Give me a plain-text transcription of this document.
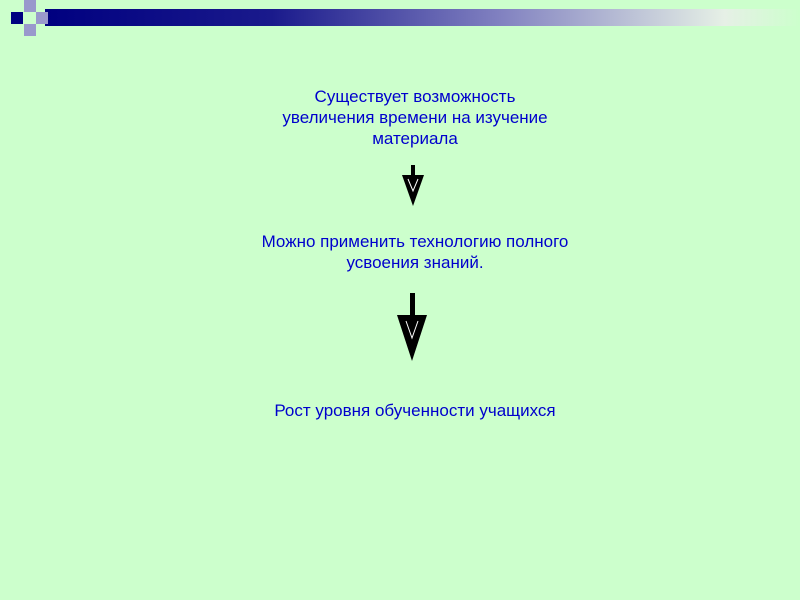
Существует возможность
увеличения времени на изучение
материала
Можно применить технологию полного
усвоения знаний.
Рост уровня обученности учащихся
